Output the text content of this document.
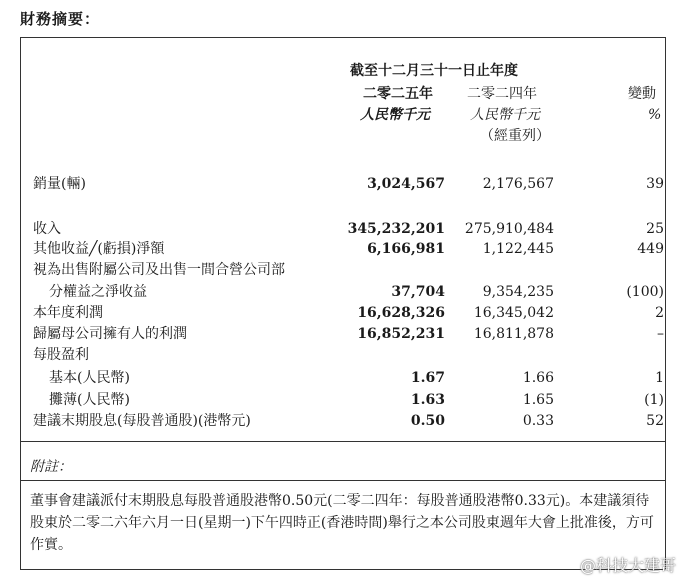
財務摘要：
截至十二月三十一日止年度
二零二五年 二零二四年	變動
人民幣千元	人民幣千元	%
（經重列）
銷量(輛)	3,024,567	2,176,567	39
收入	345,232,201 275,910,484	25
其他收益╱(虧損)淨額	6,166,981	1,122,445	449
視為出售附屬公司及出售一間合營公司部
分權益之淨收益	37,704	9,354,235	(100)
本年度利潤	16,628,326 16,345,042	2
歸屬母公司擁有人的利潤	16,852,231 16,811,878	–
每股盈利
基本(人民幣)	1.67	1.66	1
攤薄(人民幣)	1.63	1.65	(1)
建議末期股息(每股普通股)(港幣元)	0.50	0.33	52
附註：
董事會建議派付末期股息每股普通股港幣0.50元(二零二四年：每股普通股港幣0.33元)。本建議須待股東於二零二六年六月一日(星期一)下午四時正(香港時間)舉行之本公司股東週年大會上批准後，方可作實。
@科技大建哥
